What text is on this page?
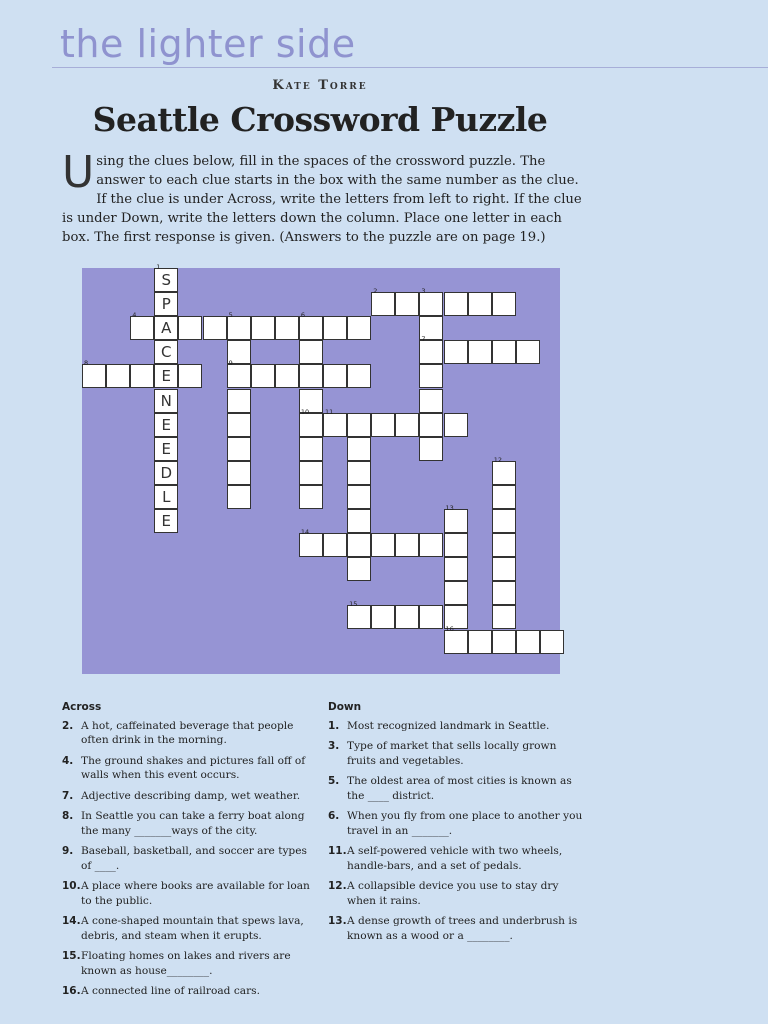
the lighter side
Kate Torre
Seattle Crossword Puzzle
U sing the clues below, fill in the spaces of the crossword puzzle. The answer to each clue starts in the box with the same number as the clue. If the clue is under Across, write the letters from left to right. If the clue is under Down, write the letters down the column. Place one letter in each box. The first response is given. (Answers to the puzzle are on page 19.)
1
S
P
A
C
E
N
E
E
D
L
E
2	3
4	5	6
7
8	9
10 11
12
13
14
15
16
Across
2. A hot, caffeinated beverage that people often drink in the morning.
4. The ground shakes and pictures fall off of walls when this event occurs.
7. Adjective describing damp, wet weather.
8. In Seattle you can take a ferry boat along the many _______ways of the city.
9. Baseball, basketball, and soccer are types of ____.
10. A place where books are available for loan to the public.
14. A cone-shaped mountain that spews lava, debris, and steam when it erupts.
15. Floating homes on lakes and rivers are known as house________.
16. A connected line of railroad cars.
Down
1. Most recognized landmark in Seattle.
3. Type of market that sells locally grown fruits and vegetables.
5. The oldest area of most cities is known as the ____ district.
6. When you fly from one place to another you travel in an _______.
11. A self-powered vehicle with two wheels, handle-bars, and a set of pedals.
12. A collapsible device you use to stay dry when it rains.
13. A dense growth of trees and underbrush is known as a wood or a ________.
